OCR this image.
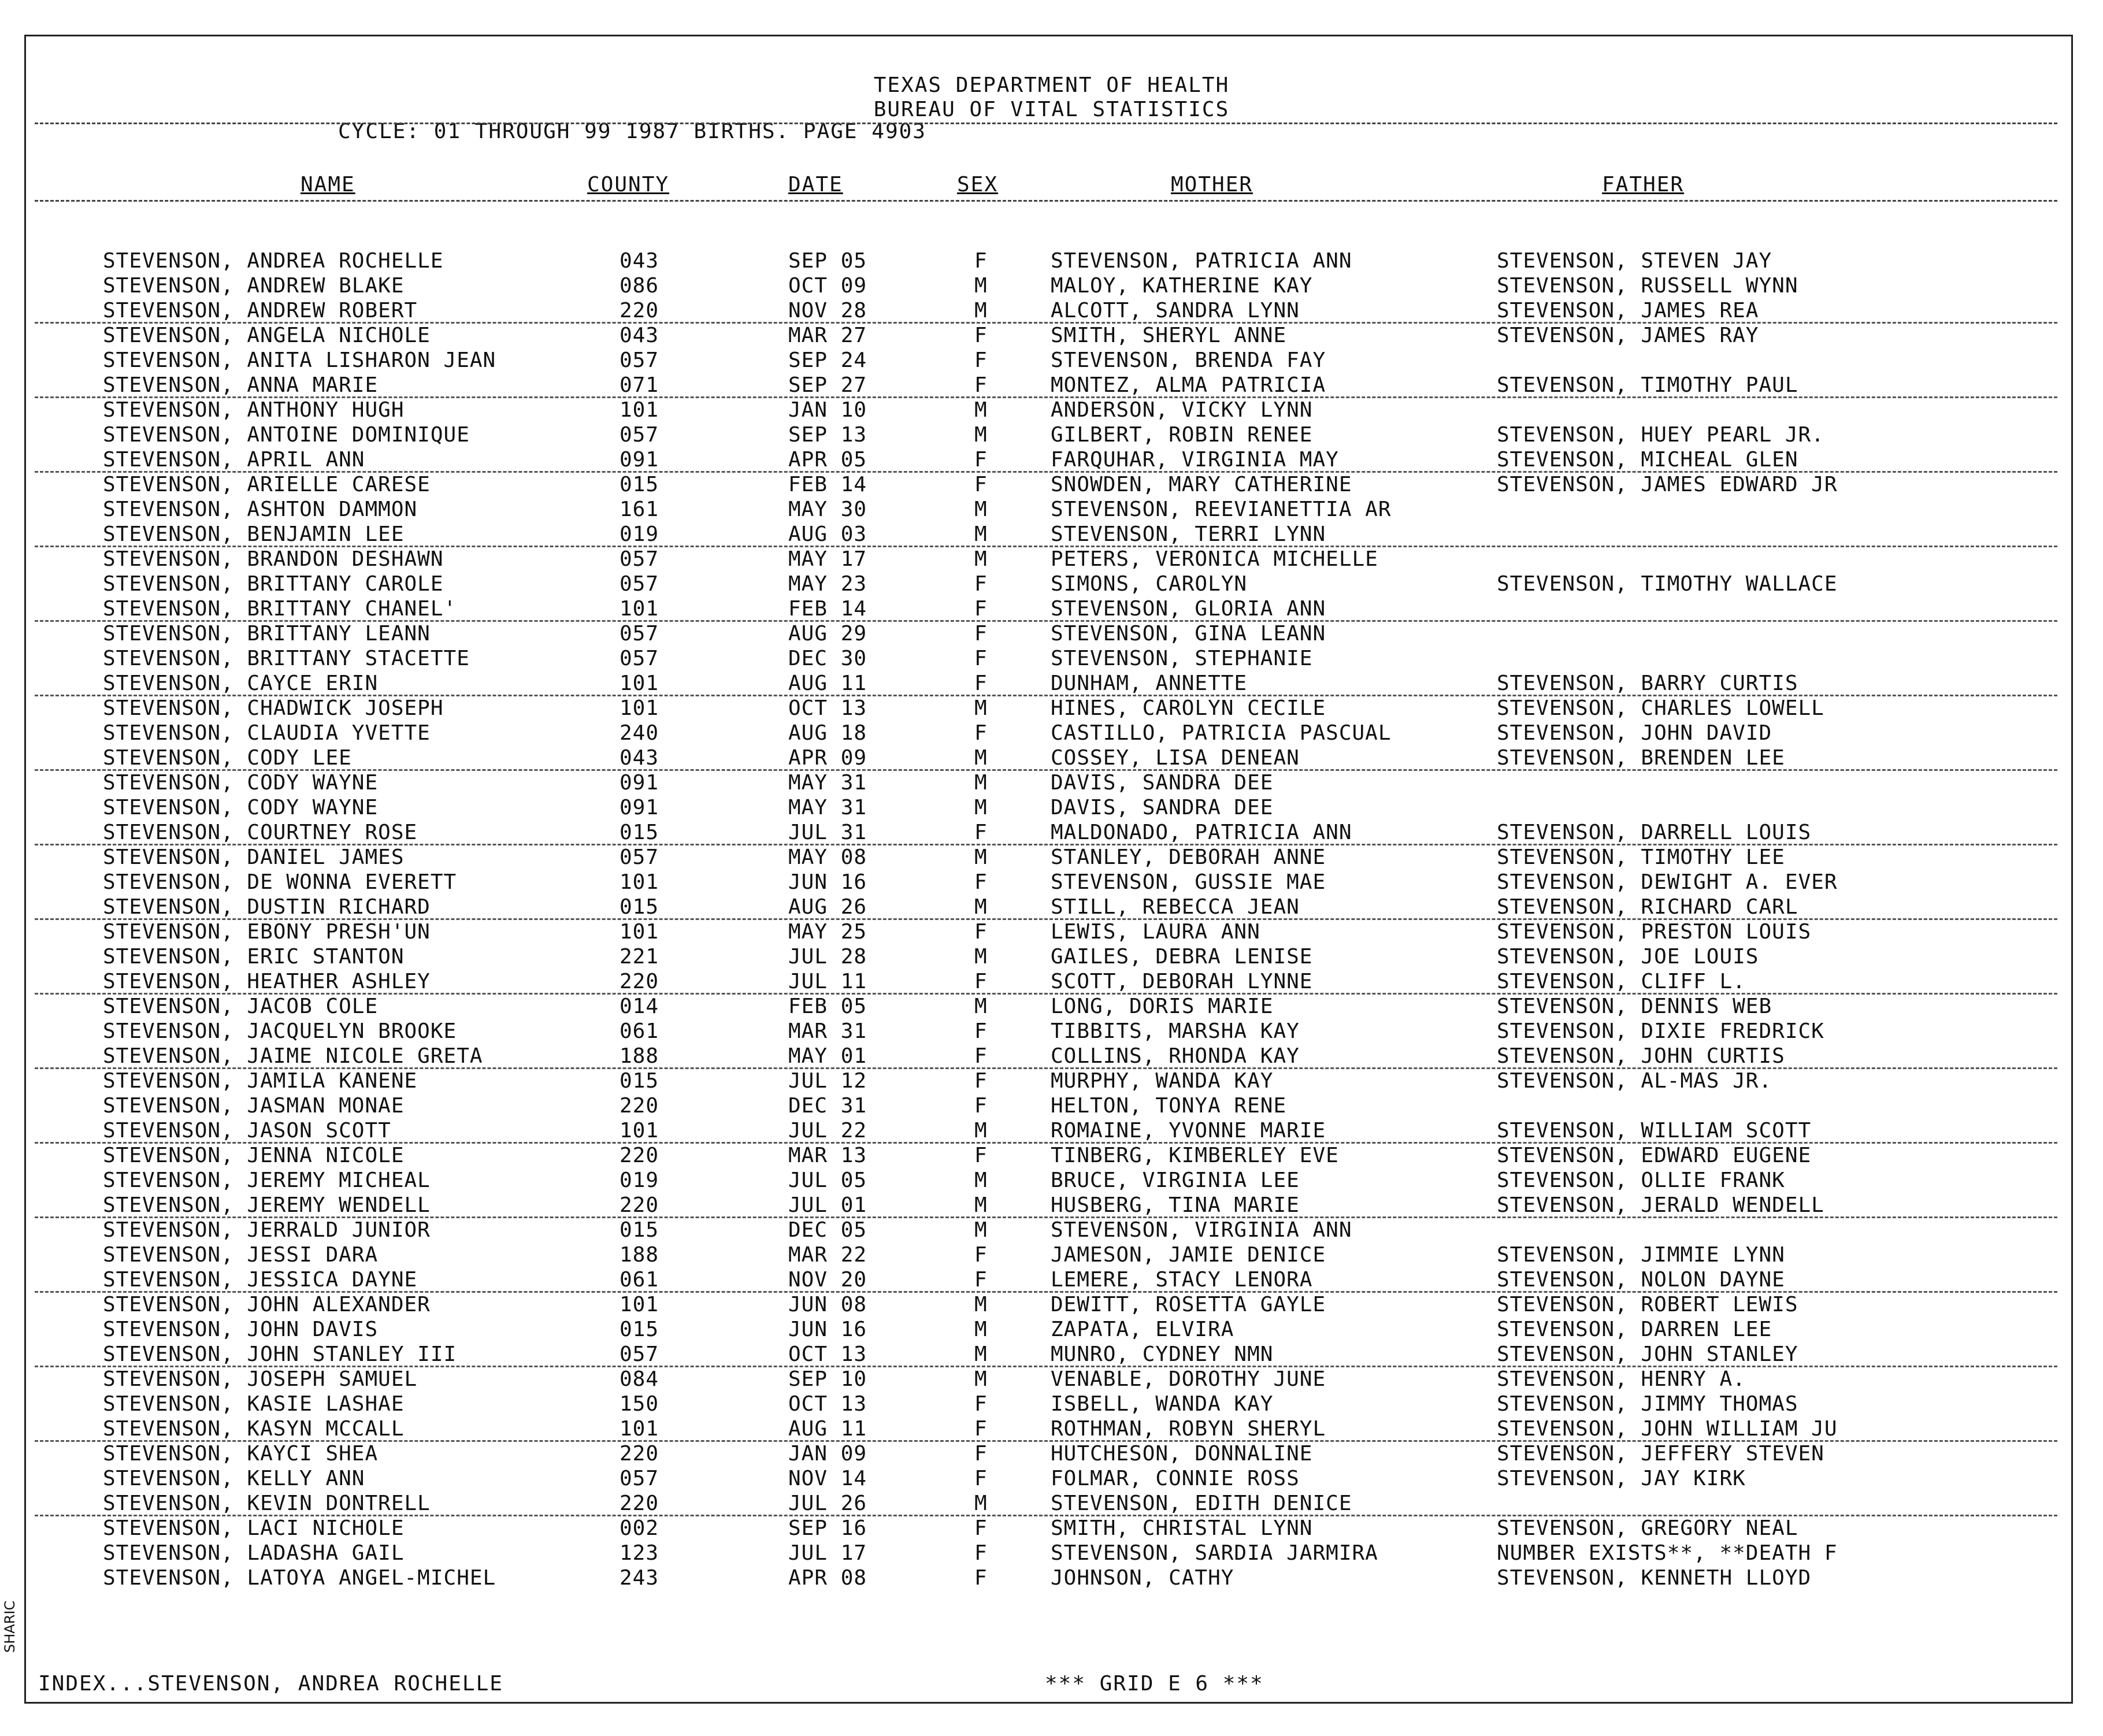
TEXAS DEPARTMENT OF HEALTH
BUREAU OF VITAL STATISTICS
CYCLE: 01 THROUGH 99 1987 BIRTHS. PAGE 4903
NAME	COUNTY	DATE	SEX	MOTHER	FATHER
STEVENSON, ANDREA ROCHELLE	043	SEP 05	F	STEVENSON, PATRICIA ANN	STEVENSON, STEVEN JAY
STEVENSON, ANDREW BLAKE	086	OCT 09	M	MALOY, KATHERINE KAY	STEVENSON, RUSSELL WYNN
STEVENSON, ANDREW ROBERT	220	NOV 28	M	ALCOTT, SANDRA LYNN	STEVENSON, JAMES REA
STEVENSON, ANGELA NICHOLE	043	MAR 27	F	SMITH, SHERYL ANNE	STEVENSON, JAMES RAY
STEVENSON, ANITA LISHARON JEAN	057	SEP 24	F	STEVENSON, BRENDA FAY
STEVENSON, ANNA MARIE	071	SEP 27	F	MONTEZ, ALMA PATRICIA	STEVENSON, TIMOTHY PAUL
STEVENSON, ANTHONY HUGH	101	JAN 10	M	ANDERSON, VICKY LYNN
STEVENSON, ANTOINE DOMINIQUE	057	SEP 13	M	GILBERT, ROBIN RENEE	STEVENSON, HUEY PEARL JR.
STEVENSON, APRIL ANN	091	APR 05	F	FARQUHAR, VIRGINIA MAY	STEVENSON, MICHEAL GLEN
STEVENSON, ARIELLE CARESE	015	FEB 14	F	SNOWDEN, MARY CATHERINE	STEVENSON, JAMES EDWARD JR
STEVENSON, ASHTON DAMMON	161	MAY 30	M	STEVENSON, REEVIANETTIA AR
STEVENSON, BENJAMIN LEE	019	AUG 03	M	STEVENSON, TERRI LYNN
STEVENSON, BRANDON DESHAWN	057	MAY 17	M	PETERS, VERONICA MICHELLE
STEVENSON, BRITTANY CAROLE	057	MAY 23	F	SIMONS, CAROLYN	STEVENSON, TIMOTHY WALLACE
STEVENSON, BRITTANY CHANEL'	101	FEB 14	F	STEVENSON, GLORIA ANN
STEVENSON, BRITTANY LEANN	057	AUG 29	F	STEVENSON, GINA LEANN
STEVENSON, BRITTANY STACETTE	057	DEC 30	F	STEVENSON, STEPHANIE
STEVENSON, CAYCE ERIN	101	AUG 11	F	DUNHAM, ANNETTE	STEVENSON, BARRY CURTIS
STEVENSON, CHADWICK JOSEPH	101	OCT 13	M	HINES, CAROLYN CECILE	STEVENSON, CHARLES LOWELL
STEVENSON, CLAUDIA YVETTE	240	AUG 18	F	CASTILLO, PATRICIA PASCUAL	STEVENSON, JOHN DAVID
STEVENSON, CODY LEE	043	APR 09	M	COSSEY, LISA DENEAN	STEVENSON, BRENDEN LEE
STEVENSON, CODY WAYNE	091	MAY 31	M	DAVIS, SANDRA DEE
STEVENSON, CODY WAYNE	091	MAY 31	M	DAVIS, SANDRA DEE
STEVENSON, COURTNEY ROSE	015	JUL 31	F	MALDONADO, PATRICIA ANN	STEVENSON, DARRELL LOUIS
STEVENSON, DANIEL JAMES	057	MAY 08	M	STANLEY, DEBORAH ANNE	STEVENSON, TIMOTHY LEE
STEVENSON, DE WONNA EVERETT	101	JUN 16	F	STEVENSON, GUSSIE MAE	STEVENSON, DEWIGHT A. EVER
STEVENSON, DUSTIN RICHARD	015	AUG 26	M	STILL, REBECCA JEAN	STEVENSON, RICHARD CARL
STEVENSON, EBONY PRESH'UN	101	MAY 25	F	LEWIS, LAURA ANN	STEVENSON, PRESTON LOUIS
STEVENSON, ERIC STANTON	221	JUL 28	M	GAILES, DEBRA LENISE	STEVENSON, JOE LOUIS
STEVENSON, HEATHER ASHLEY	220	JUL 11	F	SCOTT, DEBORAH LYNNE	STEVENSON, CLIFF L.
STEVENSON, JACOB COLE	014	FEB 05	M	LONG, DORIS MARIE	STEVENSON, DENNIS WEB
STEVENSON, JACQUELYN BROOKE	061	MAR 31	F	TIBBITS, MARSHA KAY	STEVENSON, DIXIE FREDRICK
STEVENSON, JAIME NICOLE GRETA	188	MAY 01	F	COLLINS, RHONDA KAY	STEVENSON, JOHN CURTIS
STEVENSON, JAMILA KANENE	015	JUL 12	F	MURPHY, WANDA KAY	STEVENSON, AL-MAS JR.
STEVENSON, JASMAN MONAE	220	DEC 31	F	HELTON, TONYA RENE
STEVENSON, JASON SCOTT	101	JUL 22	M	ROMAINE, YVONNE MARIE	STEVENSON, WILLIAM SCOTT
STEVENSON, JENNA NICOLE	220	MAR 13	F	TINBERG, KIMBERLEY EVE	STEVENSON, EDWARD EUGENE
STEVENSON, JEREMY MICHEAL	019	JUL 05	M	BRUCE, VIRGINIA LEE	STEVENSON, OLLIE FRANK
STEVENSON, JEREMY WENDELL	220	JUL 01	M	HUSBERG, TINA MARIE	STEVENSON, JERALD WENDELL
STEVENSON, JERRALD JUNIOR	015	DEC 05	M	STEVENSON, VIRGINIA ANN
STEVENSON, JESSI DARA	188	MAR 22	F	JAMESON, JAMIE DENICE	STEVENSON, JIMMIE LYNN
STEVENSON, JESSICA DAYNE	061	NOV 20	F	LEMERE, STACY LENORA	STEVENSON, NOLON DAYNE
STEVENSON, JOHN ALEXANDER	101	JUN 08	M	DEWITT, ROSETTA GAYLE	STEVENSON, ROBERT LEWIS
STEVENSON, JOHN DAVIS	015	JUN 16	M	ZAPATA, ELVIRA	STEVENSON, DARREN LEE
STEVENSON, JOHN STANLEY III	057	OCT 13	M	MUNRO, CYDNEY NMN	STEVENSON, JOHN STANLEY
STEVENSON, JOSEPH SAMUEL	084	SEP 10	M	VENABLE, DOROTHY JUNE	STEVENSON, HENRY A.
STEVENSON, KASIE LASHAE	150	OCT 13	F	ISBELL, WANDA KAY	STEVENSON, JIMMY THOMAS
STEVENSON, KASYN MCCALL	101	AUG 11	F	ROTHMAN, ROBYN SHERYL	STEVENSON, JOHN WILLIAM JU
STEVENSON, KAYCI SHEA	220	JAN 09	F	HUTCHESON, DONNALINE	STEVENSON, JEFFERY STEVEN
STEVENSON, KELLY ANN	057	NOV 14	F	FOLMAR, CONNIE ROSS	STEVENSON, JAY KIRK
STEVENSON, KEVIN DONTRELL	220	JUL 26	M	STEVENSON, EDITH DENICE
STEVENSON, LACI NICHOLE	002	SEP 16	F	SMITH, CHRISTAL LYNN	STEVENSON, GREGORY NEAL
STEVENSON, LADASHA GAIL	123	JUL 17	F	STEVENSON, SARDIA JARMIRA	NUMBER EXISTS**, **DEATH F
STEVENSON, LATOYA ANGEL-MICHEL	243	APR 08	F	JOHNSON, CATHY	STEVENSON, KENNETH LLOYD
INDEX...STEVENSON, ANDREA ROCHELLE	*** GRID E 6 ***
SHARIC
